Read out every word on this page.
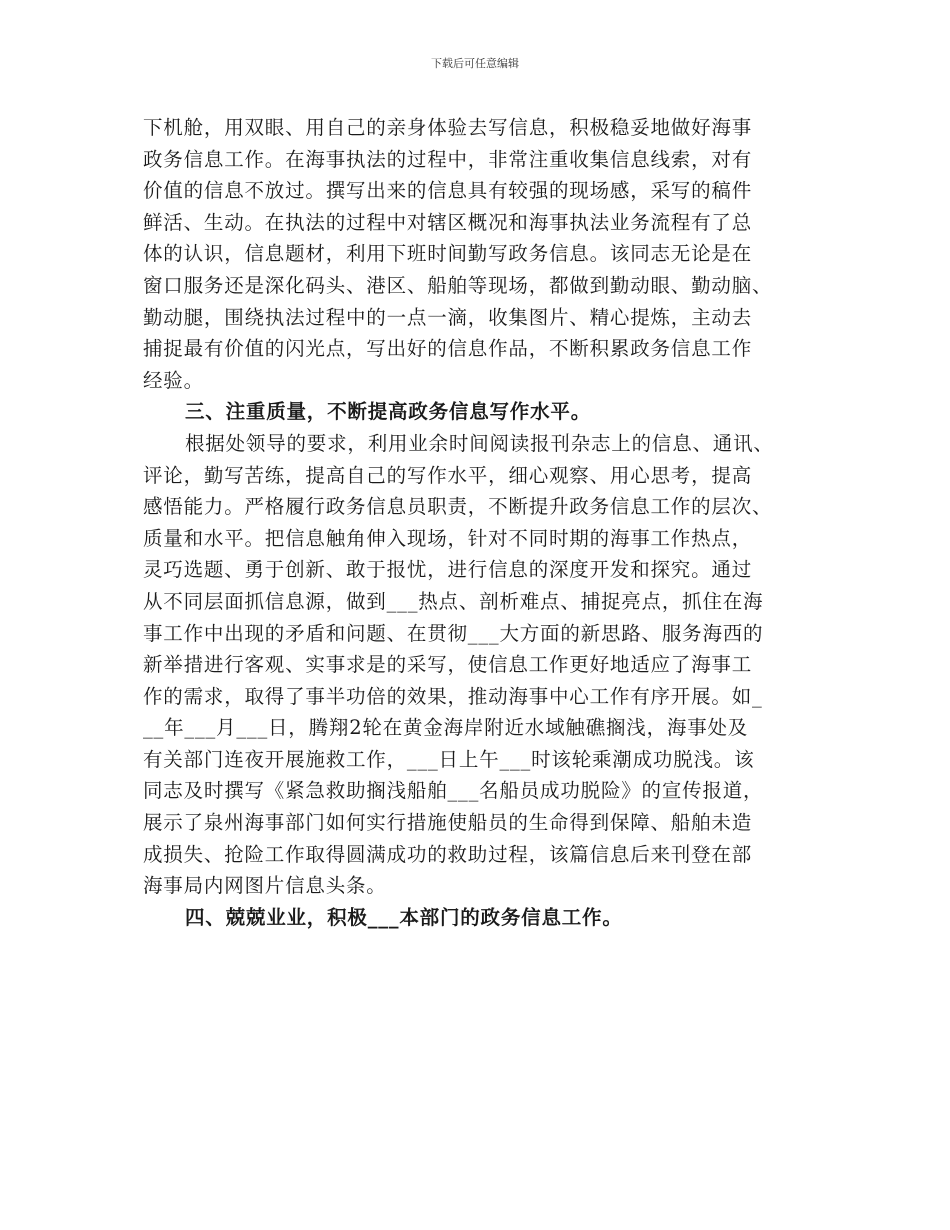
下载后可任意编辑
下机舱，用双眼、用自己的亲身体验去写信息，积极稳妥地做好海事
政务信息工作。在海事执法的过程中，非常注重收集信息线索，对有
价值的信息不放过。撰写出来的信息具有较强的现场感，采写的稿件
鲜活、生动。在执法的过程中对辖区概况和海事执法业务流程有了总
体的认识，信息题材，利用下班时间勤写政务信息。该同志无论是在
窗口服务还是深化码头、港区、船舶等现场，都做到勤动眼、勤动脑、
勤动腿，围绕执法过程中的一点一滴，收集图片、精心提炼，主动去
捕捉最有价值的闪光点，写出好的信息作品，不断积累政务信息工作
经验。
三、注重质量，不断提高政务信息写作水平。
根据处领导的要求，利用业余时间阅读报刊杂志上的信息、通讯、
评论，勤写苦练，提高自己的写作水平，细心观察、用心思考，提高
感悟能力。严格履行政务信息员职责，不断提升政务信息工作的层次、
质量和水平。把信息触角伸入现场，针对不同时期的海事工作热点，
灵巧选题、勇于创新、敢于报忧，进行信息的深度开发和探究。通过
从不同层面抓信息源，做到___热点、剖析难点、捕捉亮点，抓住在海
事工作中出现的矛盾和问题、在贯彻___大方面的新思路、服务海西的
新举措进行客观、实事求是的采写，使信息工作更好地适应了海事工
作的需求，取得了事半功倍的效果，推动海事中心工作有序开展。如_
__年___月___日，腾翔2轮在黄金海岸附近水域触礁搁浅，海事处及
有关部门连夜开展施救工作，___日上午___时该轮乘潮成功脱浅。该
同志及时撰写《紧急救助搁浅船舶___名船员成功脱险》的宣传报道，
展示了泉州海事部门如何实行措施使船员的生命得到保障、船舶未造
成损失、抢险工作取得圆满成功的救助过程，该篇信息后来刊登在部
海事局内网图片信息头条。
四、兢兢业业，积极___本部门的政务信息工作。
